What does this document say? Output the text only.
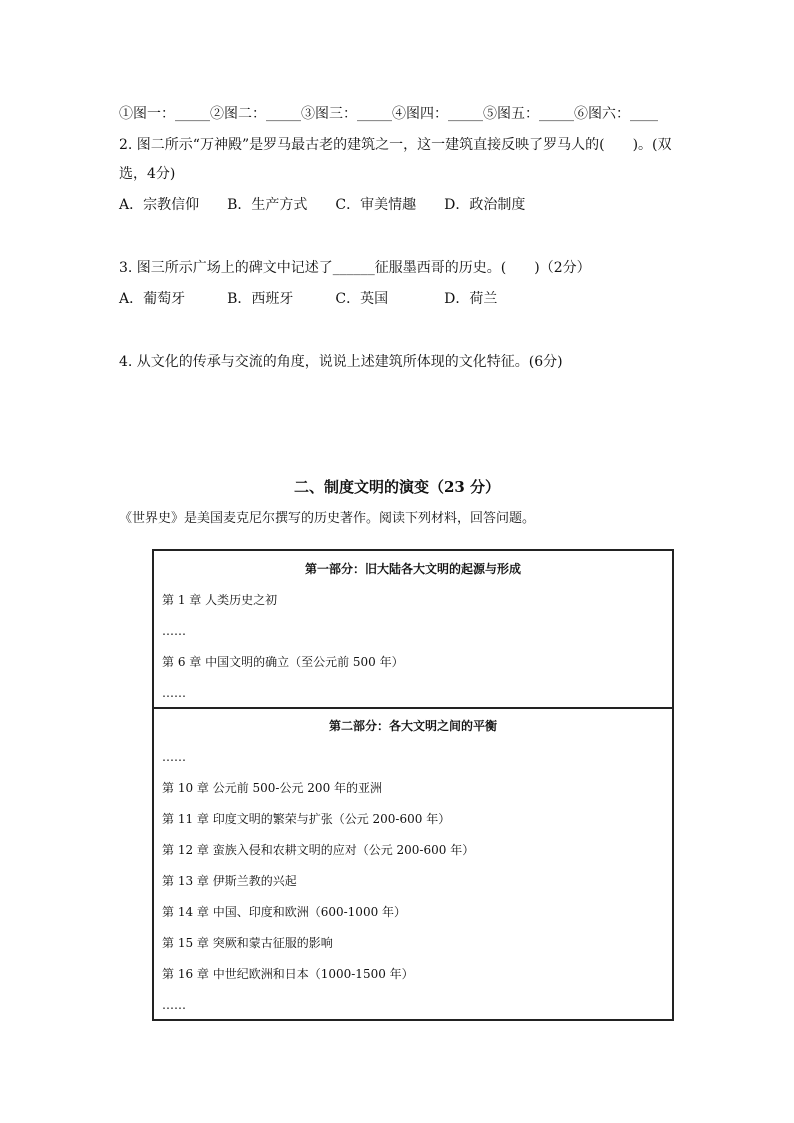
①图一：_____②图二：_____③图三：_____④图四：_____⑤图五：_____⑥图六：____
2. 图二所示“万神殿”是罗马最古老的建筑之一，这一建筑直接反映了罗马人的(　　)。(双
选，4分)
A．宗教信仰　　B．生产方式　　C．审美情趣　　D．政治制度
3. 图三所示广场上的碑文中记述了______征服墨西哥的历史。(　　)（2分）
A．葡萄牙　　　B．西班牙　　　C．英国　　　　D．荷兰
4. 从文化的传承与交流的角度，说说上述建筑所体现的文化特征。(6分)
二、制度文明的演变（23 分）
《世界史》是美国麦克尼尔撰写的历史著作。阅读下列材料，回答问题。
第一部分：旧大陆各大文明的起源与形成
第 1 章 人类历史之初
……
第 6 章 中国文明的确立（至公元前 500 年）
……
第二部分：各大文明之间的平衡
……
第 10 章 公元前 500-公元 200 年的亚洲
第 11 章 印度文明的繁荣与扩张（公元 200-600 年）
第 12 章 蛮族入侵和农耕文明的应对（公元 200-600 年）
第 13 章 伊斯兰教的兴起
第 14 章 中国、印度和欧洲（600-1000 年）
第 15 章 突厥和蒙古征服的影响
第 16 章 中世纪欧洲和日本（1000-1500 年）
……
